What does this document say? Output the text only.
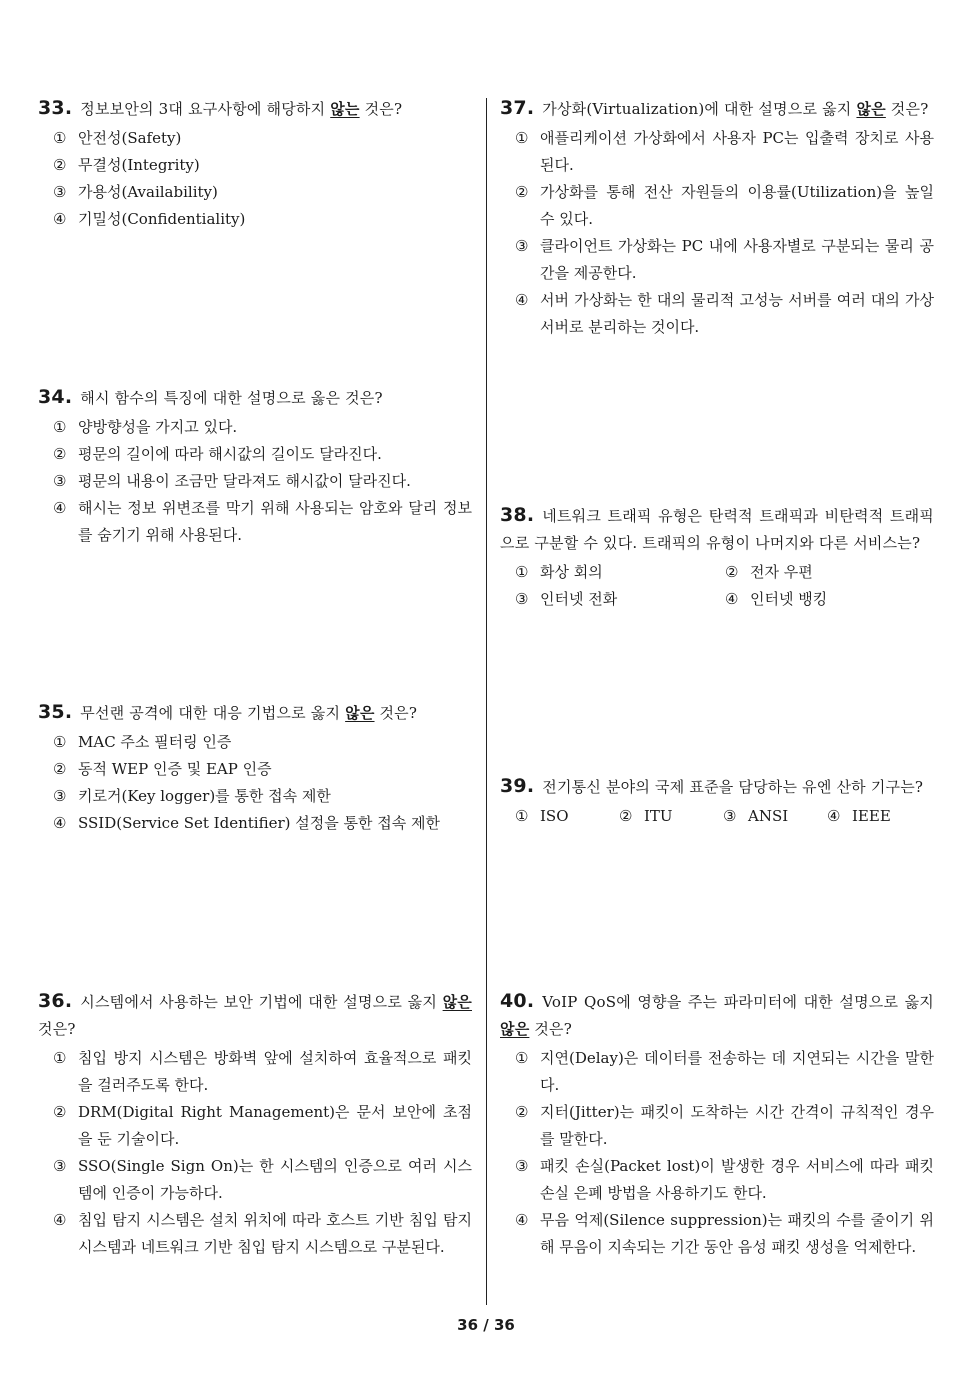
33. 정보보안의 3대 요구사항에 해당하지 않는 것은?
① 안전성(Safety)
② 무결성(Integrity)
③ 가용성(Availability)
④ 기밀성(Confidentiality)
34. 해시 함수의 특징에 대한 설명으로 옳은 것은?
① 양방향성을 가지고 있다.
② 평문의 길이에 따라 해시값의 길이도 달라진다.
③ 평문의 내용이 조금만 달라져도 해시값이 달라진다.
④ 해시는 정보 위변조를 막기 위해 사용되는 암호와 달리 정보를 숨기기 위해 사용된다.
35. 무선랜 공격에 대한 대응 기법으로 옳지 않은 것은?
① MAC 주소 필터링 인증
② 동적 WEP 인증 및 EAP 인증
③ 키로거(Key logger)를 통한 접속 제한
④ SSID(Service Set Identifier) 설정을 통한 접속 제한
36. 시스템에서 사용하는 보안 기법에 대한 설명으로 옳지 않은 것은?
① 침입 방지 시스템은 방화벽 앞에 설치하여 효율적으로 패킷을 걸러주도록 한다.
② DRM(Digital Right Management)은 문서 보안에 초점을 둔 기술이다.
③ SSO(Single Sign On)는 한 시스템의 인증으로 여러 시스템에 인증이 가능하다.
④ 침입 탐지 시스템은 설치 위치에 따라 호스트 기반 침입 탐지 시스템과 네트워크 기반 침입 탐지 시스템으로 구분된다.
37. 가상화(Virtualization)에 대한 설명으로 옳지 않은 것은?
① 애플리케이션 가상화에서 사용자 PC는 입출력 장치로 사용된다.
② 가상화를 통해 전산 자원들의 이용률(Utilization)을 높일 수 있다.
③ 클라이언트 가상화는 PC 내에 사용자별로 구분되는 물리 공간을 제공한다.
④ 서버 가상화는 한 대의 물리적 고성능 서버를 여러 대의 가상 서버로 분리하는 것이다.
38. 네트워크 트래픽 유형은 탄력적 트래픽과 비탄력적 트래픽으로 구분할 수 있다. 트래픽의 유형이 나머지와 다른 서비스는?
① 화상 회의	② 전자 우편
③ 인터넷 전화	④ 인터넷 뱅킹
39. 전기통신 분야의 국제 표준을 담당하는 유엔 산하 기구는?
① ISO	② ITU	③ ANSI	④ IEEE
40. VoIP QoS에 영향을 주는 파라미터에 대한 설명으로 옳지 않은 것은?
① 지연(Delay)은 데이터를 전송하는 데 지연되는 시간을 말한다.
② 지터(Jitter)는 패킷이 도착하는 시간 간격이 규칙적인 경우를 말한다.
③ 패킷 손실(Packet lost)이 발생한 경우 서비스에 따라 패킷 손실 은폐 방법을 사용하기도 한다.
④ 무음 억제(Silence suppression)는 패킷의 수를 줄이기 위해 무음이 지속되는 기간 동안 음성 패킷 생성을 억제한다.
36 / 36
